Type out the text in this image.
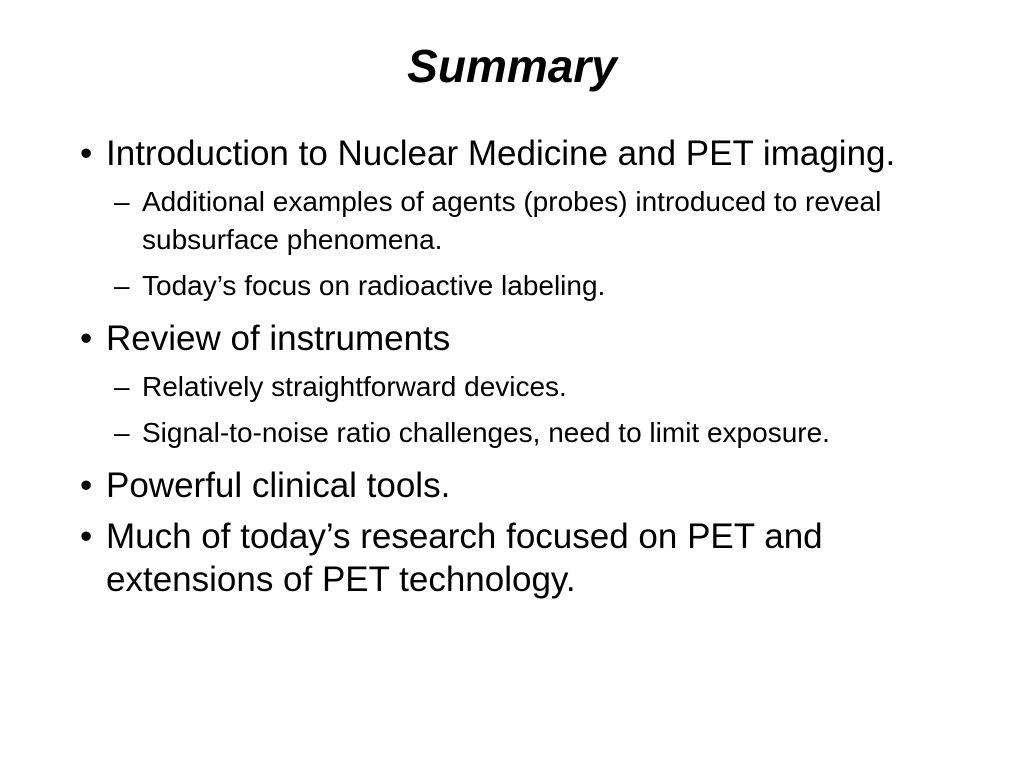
Summary
• Introduction to Nuclear Medicine and PET imaging.
– Additional examples of agents (probes) introduced to reveal subsurface phenomena.
– Today’s focus on radioactive labeling.
• Review of instruments
– Relatively straightforward devices.
– Signal-to-noise ratio challenges, need to limit exposure.
• Powerful clinical tools.
• Much of today’s research focused on PET and extensions of PET technology.
